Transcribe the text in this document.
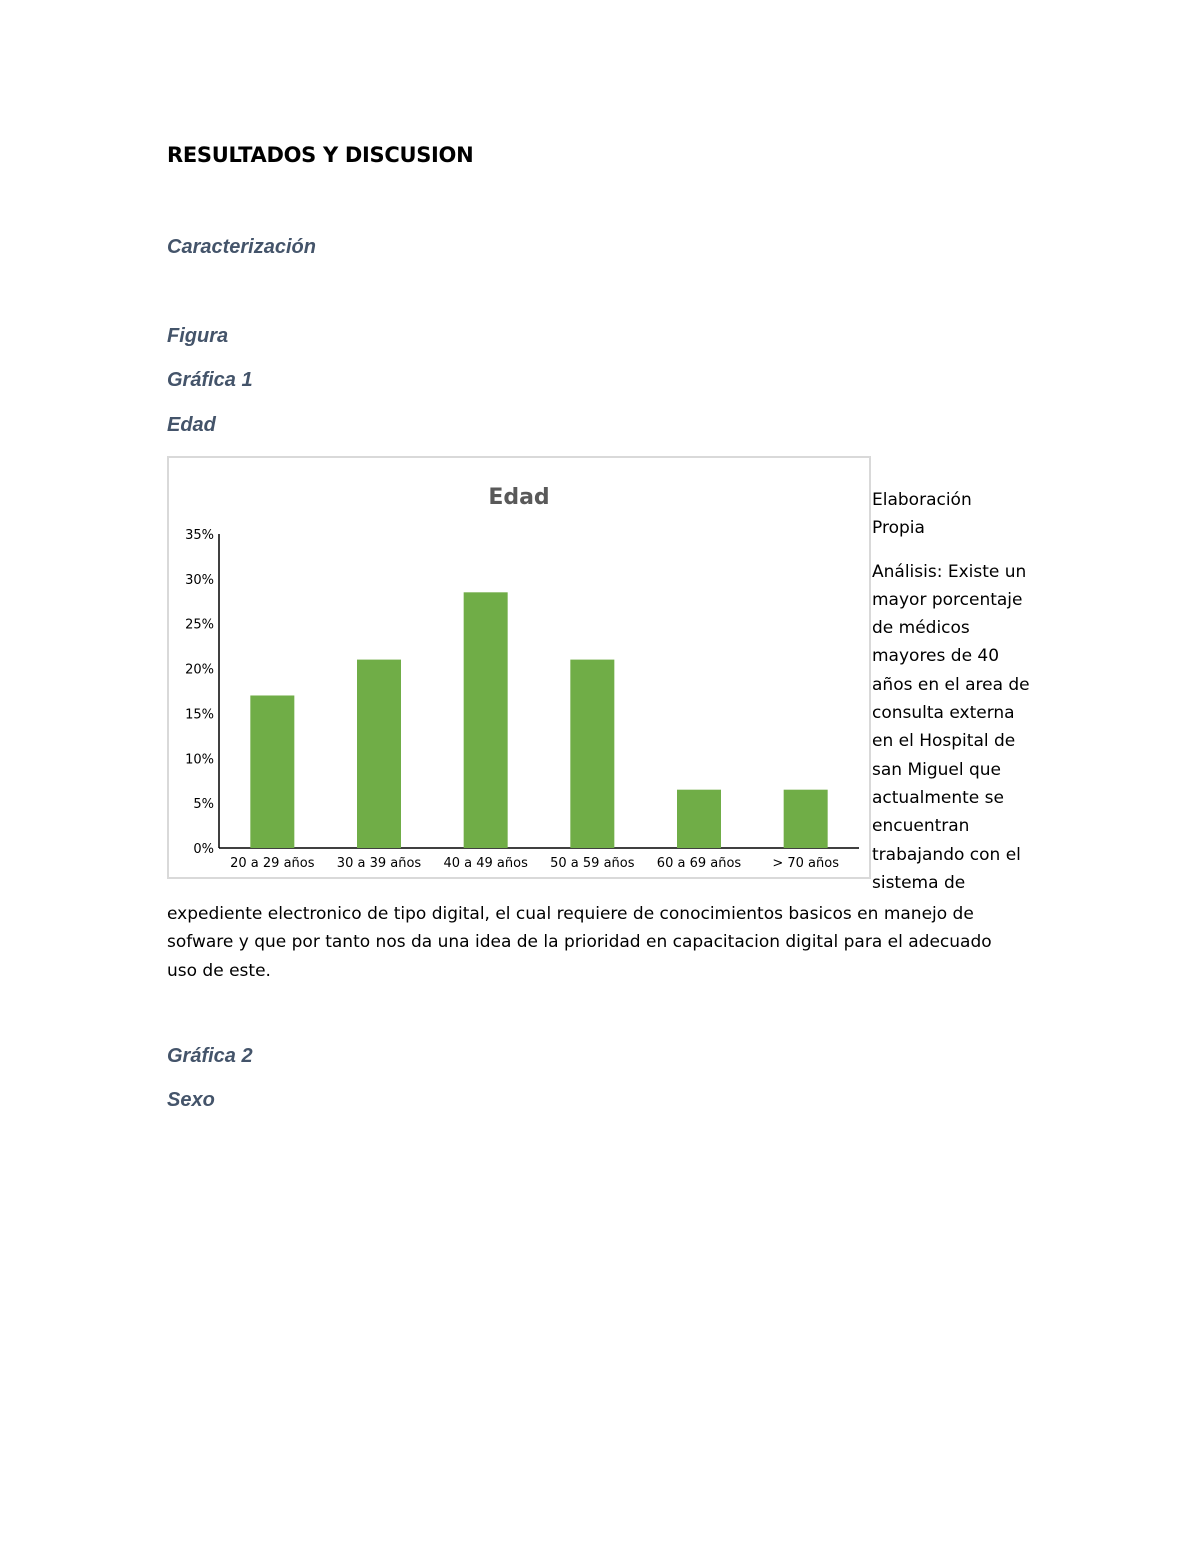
RESULTADOS Y DISCUSION
Caracterización
Figura
Gráfica 1
Edad
Edad
0%
5%
10%
15%
20%
25%
30%
35%
20 a 29 años 30 a 39 años 40 a 49 años 50 a 59 años 60 a 69 años > 70 años

Elaboración

Propia

Análisis: Existe un

mayor porcentaje

de médicos

mayores de 40

años en el area de

consulta externa

en el Hospital de

san Miguel que

actualmente se

encuentran

trabajando con el

sistema de

expediente electronico de tipo digital, el cual requiere de conocimientos basicos en manejo de

sofware y que por tanto nos da una idea de la prioridad en capacitacion digital para el adecuado

uso de este.

Gráfica 2
Sexo
